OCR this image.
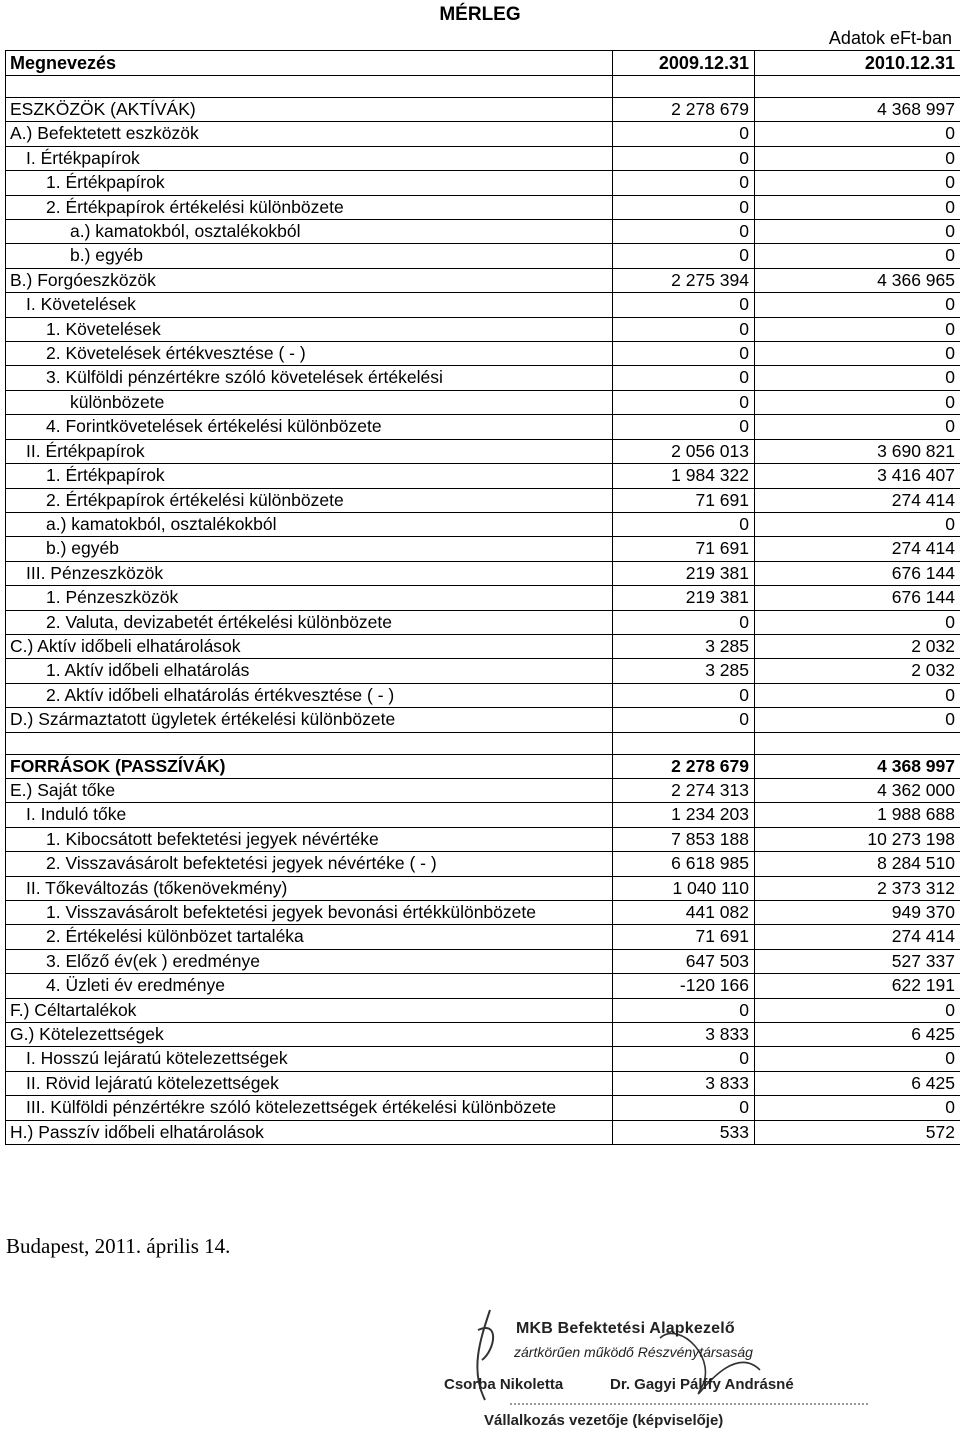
MÉRLEG
Adatok eFt-ban
Megnevezés	2009.12.31	2010.12.31

ESZKÖZÖK (AKTÍVÁK)	2 278 679	4 368 997
A.) Befektetett eszközök	0	0
I. Értékpapírok	0	0
1. Értékpapírok	0	0
2. Értékpapírok értékelési különbözete	0	0
a.) kamatokból, osztalékokból	0	0
b.) egyéb	0	0
B.) Forgóeszközök	2 275 394	4 366 965
I. Követelések	0	0
1. Követelések	0	0
2. Követelések értékvesztése ( - )	0	0
3. Külföldi pénzértékre szóló követelések értékelési	0	0
különbözete	0	0
4. Forintkövetelések értékelési különbözete	0	0
II. Értékpapírok	2 056 013	3 690 821
1. Értékpapírok	1 984 322	3 416 407
2. Értékpapírok értékelési különbözete	71 691	274 414
a.) kamatokból, osztalékokból	0	0
b.) egyéb	71 691	274 414
III. Pénzeszközök	219 381	676 144
1. Pénzeszközök	219 381	676 144
2. Valuta, devizabetét értékelési különbözete	0	0
C.) Aktív időbeli elhatárolások	3 285	2 032
1. Aktív időbeli elhatárolás	3 285	2 032
2. Aktív időbeli elhatárolás értékvesztése ( - )	0	0
D.) Származtatott ügyletek értékelési különbözete	0	0

FORRÁSOK (PASSZÍVÁK)	2 278 679	4 368 997
E.) Saját tőke	2 274 313	4 362 000
I. Induló tőke	1 234 203	1 988 688
1. Kibocsátott befektetési jegyek névértéke	7 853 188	10 273 198
2. Visszavásárolt befektetési jegyek névértéke ( - )	6 618 985	8 284 510
II. Tőkeváltozás (tőkenövekmény)	1 040 110	2 373 312
1. Visszavásárolt befektetési jegyek bevonási értékkülönbözete	441 082	949 370
2. Értékelési különbözet tartaléka	71 691	274 414
3. Előző év(ek ) eredménye	647 503	527 337
4. Üzleti év eredménye	-120 166	622 191
F.) Céltartalékok	0	0
G.) Kötelezettségek	3 833	6 425
I. Hosszú lejáratú kötelezettségek	0	0
II. Rövid lejáratú kötelezettségek	3 833	6 425
III. Külföldi pénzértékre szóló kötelezettségek értékelési különbözete	0	0
H.) Passzív időbeli elhatárolások	533	572
Budapest, 2011. április 14.
MKB Befektetési Alapkezelő
zártkörűen működő Részvénytársaság
Csorba Nikoletta	Dr. Gagyi Pálffy Andrásné
Vállalkozás vezetője (képviselője)
